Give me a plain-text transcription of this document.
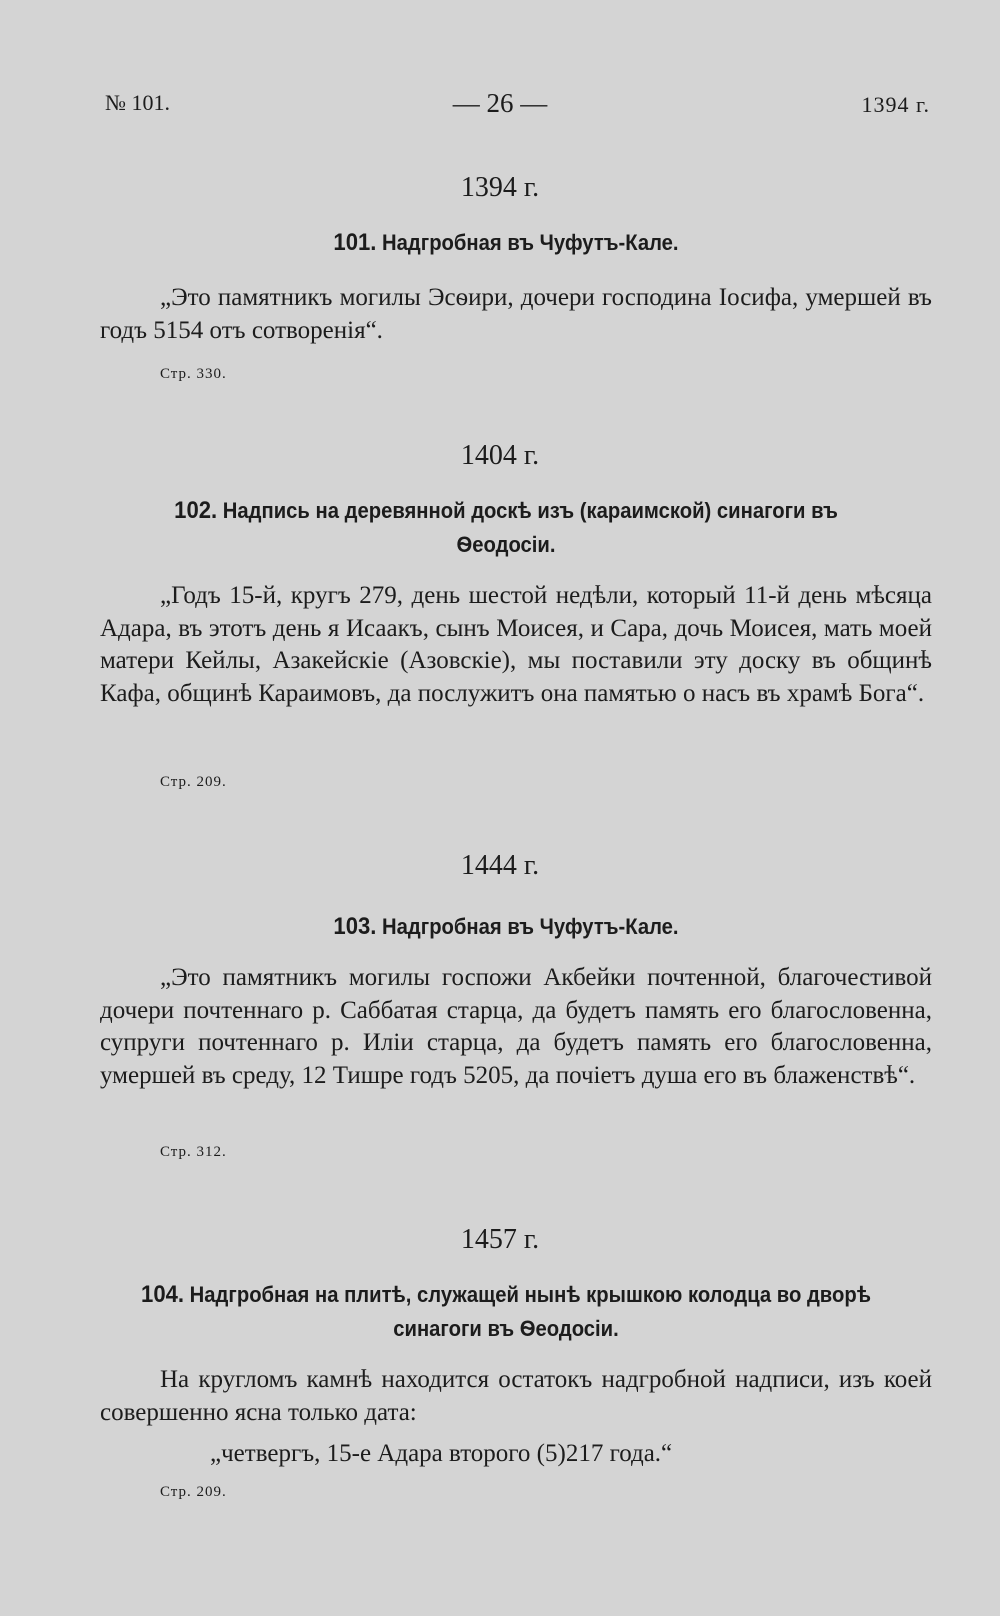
№ 101.	— 26 —	1394 г.
1394 г.
101. Надгробная въ Чуфутъ-Кале.
„Это памятникъ могилы Эсѳири, дочери господина Іосифа, умершей въ годъ 5154 отъ сотворенія“.
Стр. 330.
1404 г.
102. Надпись на деревянной доскѣ изъ (караимской) синагоги въ Ѳеодосіи.
„Годъ 15-й, кругъ 279, день шестой недѣли, который 11-й день мѣсяца Адара, въ этотъ день я Исаакъ, сынъ Моисея, и Сара, дочь Моисея, мать моей матери Кейлы, Азакейскіе (Азовскіе), мы поставили эту доску въ общинѣ Кафа, общинѣ Караимовъ, да послужитъ она памятью о насъ въ храмѣ Бога“.
Стр. 209.
1444 г.
103. Надгробная въ Чуфутъ-Кале.
„Это памятникъ могилы госпожи Акбейки почтенной, благочестивой дочери почтеннаго р. Саббатая старца, да будетъ память его благословенна, супруги почтеннаго р. Иліи старца, да будетъ память его благословенна, умершей въ среду, 12 Тишре годъ 5205, да почіетъ душа его въ блаженствѣ“.
Стр. 312.
1457 г.
104. Надгробная на плитѣ, служащей нынѣ крышкою колодца во дворѣ синагоги въ Ѳеодосіи.
На кругломъ камнѣ находится остатокъ надгробной надписи, изъ коей совершенно ясна только дата:
„четвергъ, 15-е Адара второго (5)217 года.“
Стр. 209.
